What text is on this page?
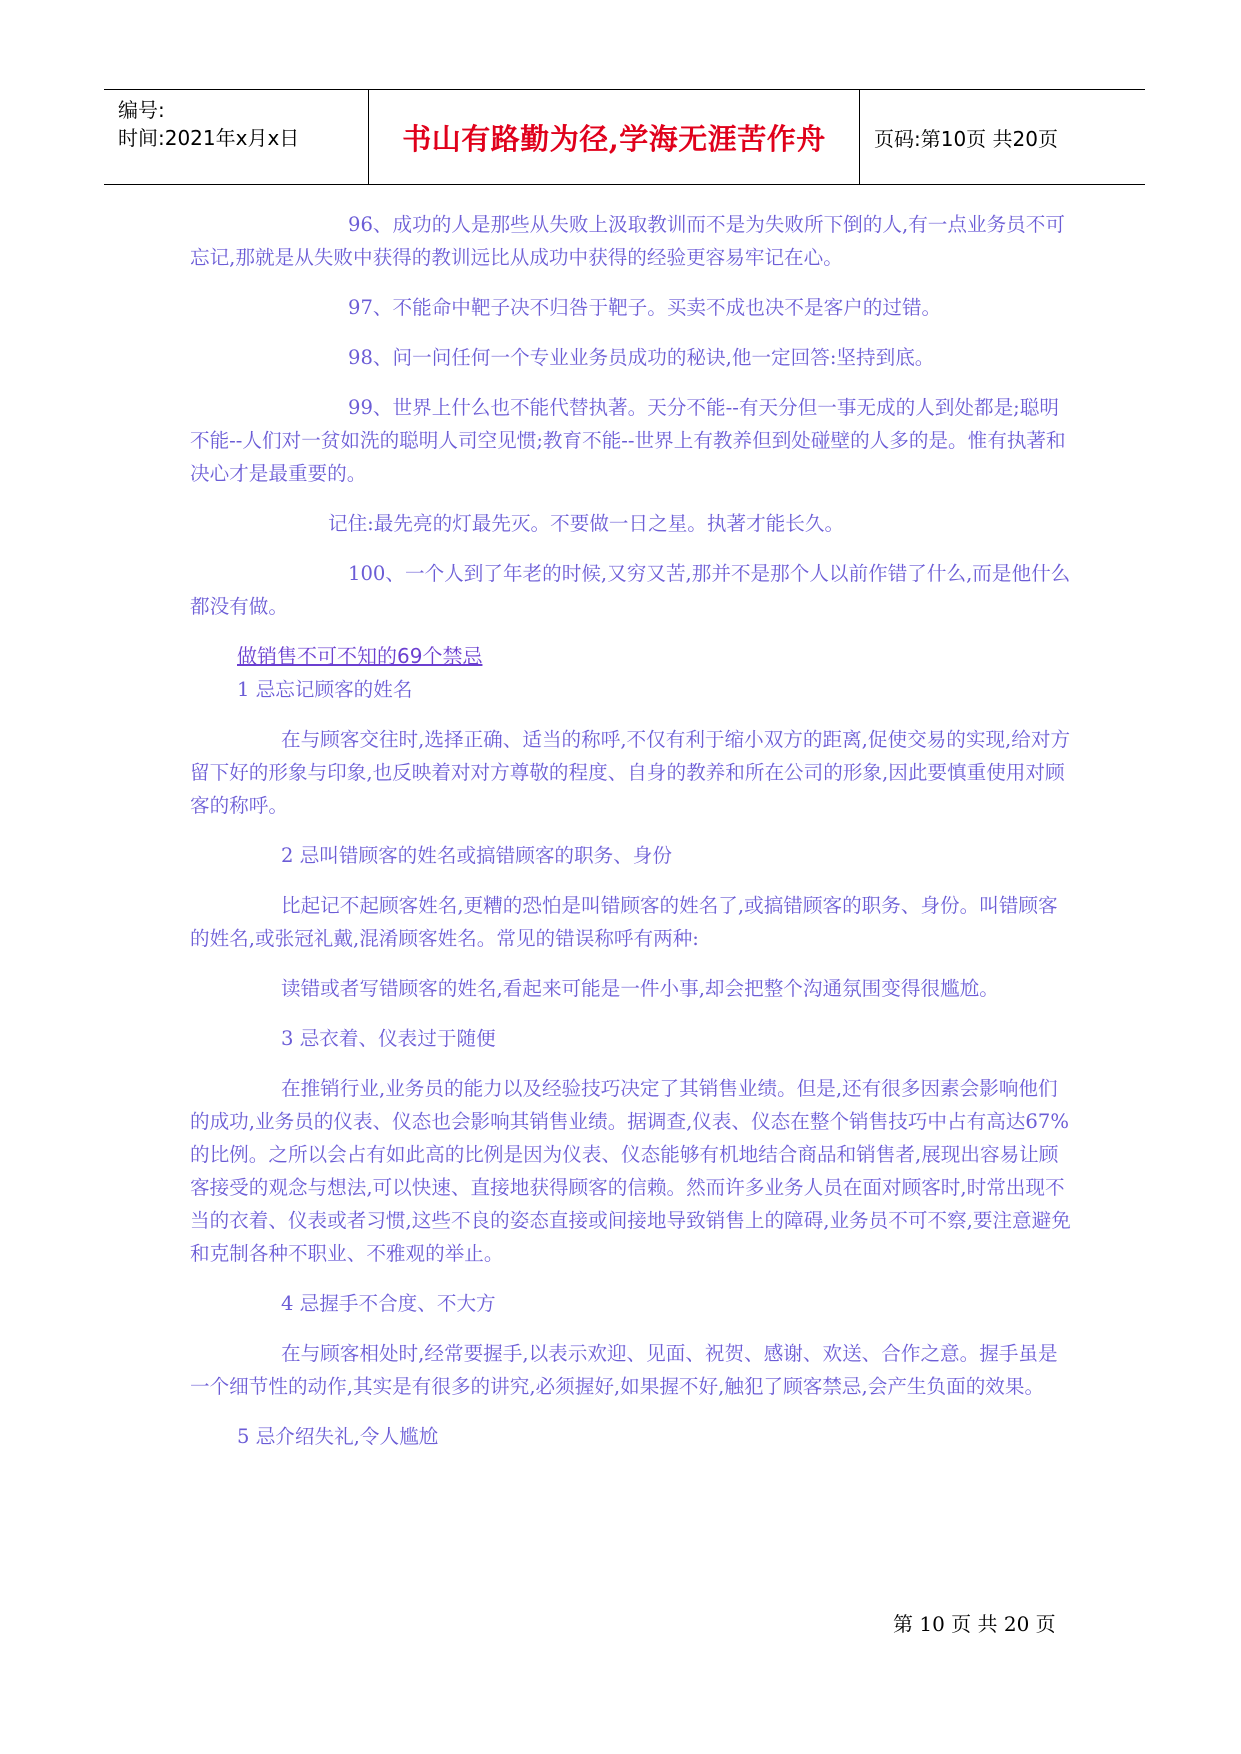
编号:
时间:2021年x月x日	书山有路勤为径,学海无涯苦作舟	页码:第10页 共20页

96、成功的人是那些从失败上汲取教训而不是为失败所下倒的人,有一点业务员不可忘记,那就是从失败中获得的教训远比从成功中获得的经验更容易牢记在心。

97、不能命中靶子决不归咎于靶子。买卖不成也决不是客户的过错。

98、问一问任何一个专业业务员成功的秘诀,他一定回答:坚持到底。

99、世界上什么也不能代替执著。天分不能--有天分但一事无成的人到处都是;聪明不能--人们对一贫如洗的聪明人司空见惯;教育不能--世界上有教养但到处碰壁的人多的是。惟有执著和决心才是最重要的。

记住:最先亮的灯最先灭。不要做一日之星。执著才能长久。

100、一个人到了年老的时候,又穷又苦,那并不是那个人以前作错了什么,而是他什么都没有做。

做销售不可不知的69个禁忌

1 忌忘记顾客的姓名

在与顾客交往时,选择正确、适当的称呼,不仅有利于缩小双方的距离,促使交易的实现,给对方留下好的形象与印象,也反映着对对方尊敬的程度、自身的教养和所在公司的形象,因此要慎重使用对顾客的称呼。

2 忌叫错顾客的姓名或搞错顾客的职务、身份

比起记不起顾客姓名,更糟的恐怕是叫错顾客的姓名了,或搞错顾客的职务、身份。叫错顾客的姓名,或张冠礼戴,混淆顾客姓名。常见的错误称呼有两种:

读错或者写错顾客的姓名,看起来可能是一件小事,却会把整个沟通氛围变得很尴尬。

3 忌衣着、仪表过于随便

在推销行业,业务员的能力以及经验技巧决定了其销售业绩。但是,还有很多因素会影响他们的成功,业务员的仪表、仪态也会影响其销售业绩。据调查,仪表、仪态在整个销售技巧中占有高达67%的比例。之所以会占有如此高的比例是因为仪表、仪态能够有机地结合商品和销售者,展现出容易让顾客接受的观念与想法,可以快速、直接地获得顾客的信赖。然而许多业务人员在面对顾客时,时常出现不当的衣着、仪表或者习惯,这些不良的姿态直接或间接地导致销售上的障碍,业务员不可不察,要注意避免和克制各种不职业、不雅观的举止。

4 忌握手不合度、不大方

在与顾客相处时,经常要握手,以表示欢迎、见面、祝贺、感谢、欢送、合作之意。握手虽是一个细节性的动作,其实是有很多的讲究,必须握好,如果握不好,触犯了顾客禁忌,会产生负面的效果。

5 忌介绍失礼,令人尴尬

第 10 页 共 20 页
